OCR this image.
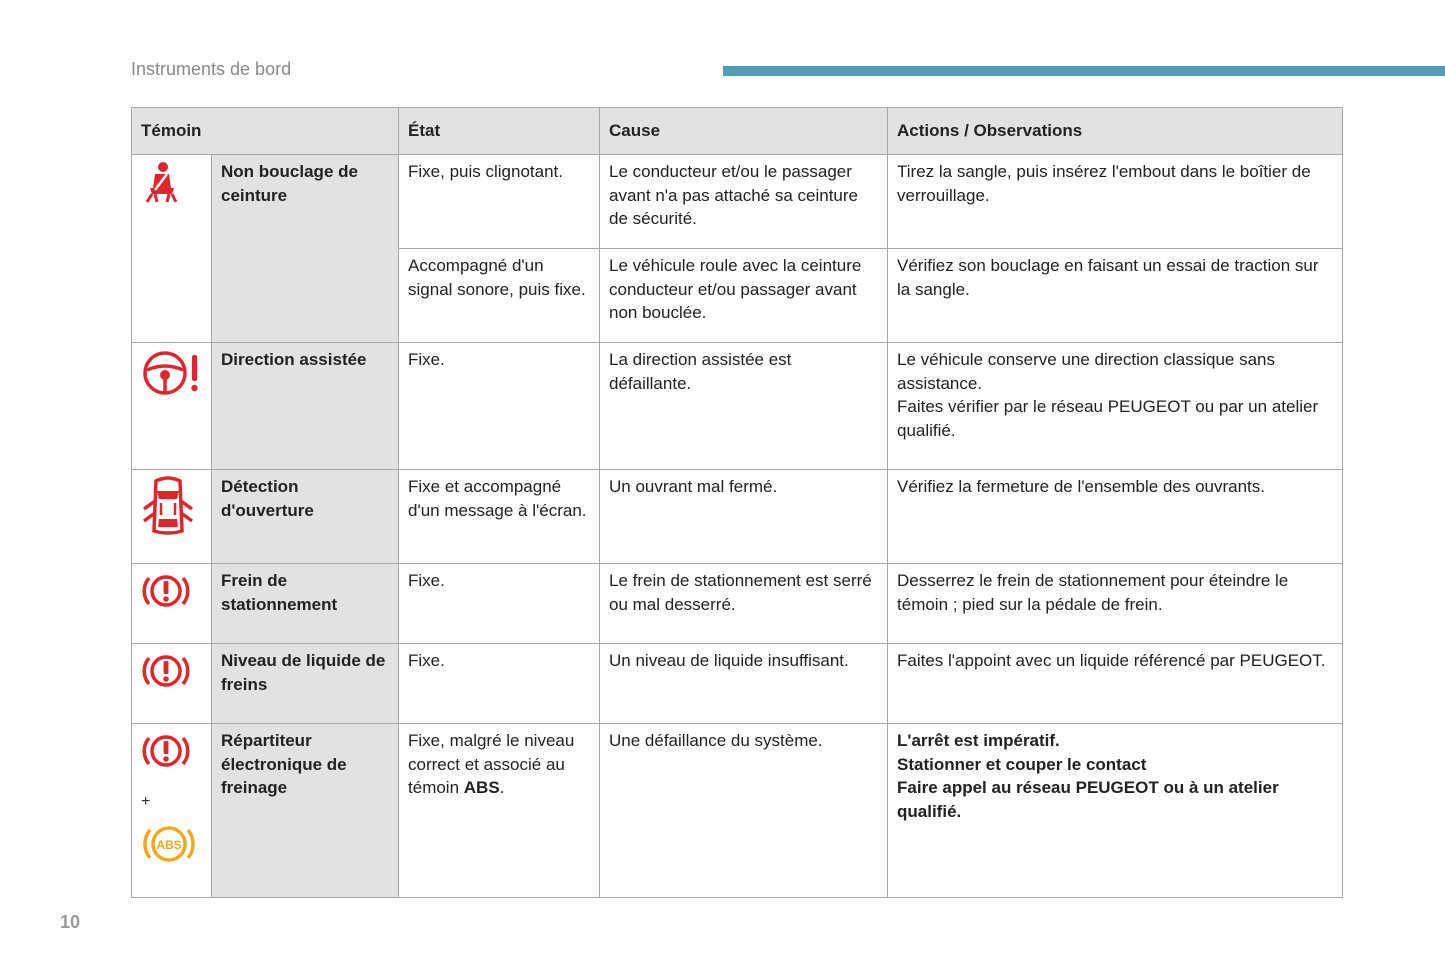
Instruments de bord
Témoin		État	Cause	Actions / Observations
	Non bouclage de ceinture	Fixe, puis clignotant.	Le conducteur et/ou le passager avant n'a pas attaché sa ceinture de sécurité.	Tirez la sangle, puis insérez l'embout dans le boîtier de verrouillage.
		Accompagné d'un signal sonore, puis fixe.	Le véhicule roule avec la ceinture conducteur et/ou passager avant non bouclée.	Vérifiez son bouclage en faisant un essai de traction sur la sangle.
	Direction assistée	Fixe.	La direction assistée est défaillante.	Le véhicule conserve une direction classique sans assistance.
Faites vérifier par le réseau PEUGEOT ou par un atelier qualifié.

	Détection d'ouverture	Fixe et accompagné d'un message à l'écran.	Un ouvrant mal fermé.	Vérifiez la fermeture de l'ensemble des ouvrants.
	Frein de stationnement	Fixe.	Le frein de stationnement est serré ou mal desserré.	Desserrez le frein de stationnement pour éteindre le témoin ; pied sur la pédale de frein.
	Niveau de liquide de freins	Fixe.	Un niveau de liquide insuffisant.	Faites l'appoint avec un liquide référencé par PEUGEOT.

+
ABS	Répartiteur électronique de freinage	Fixe, malgré le niveau correct et associé au témoin ABS.	Une défaillance du système.	L'arrêt est impératif.
Stationner et couper le contact
Faire appel au réseau PEUGEOT ou à un atelier qualifié.
10
